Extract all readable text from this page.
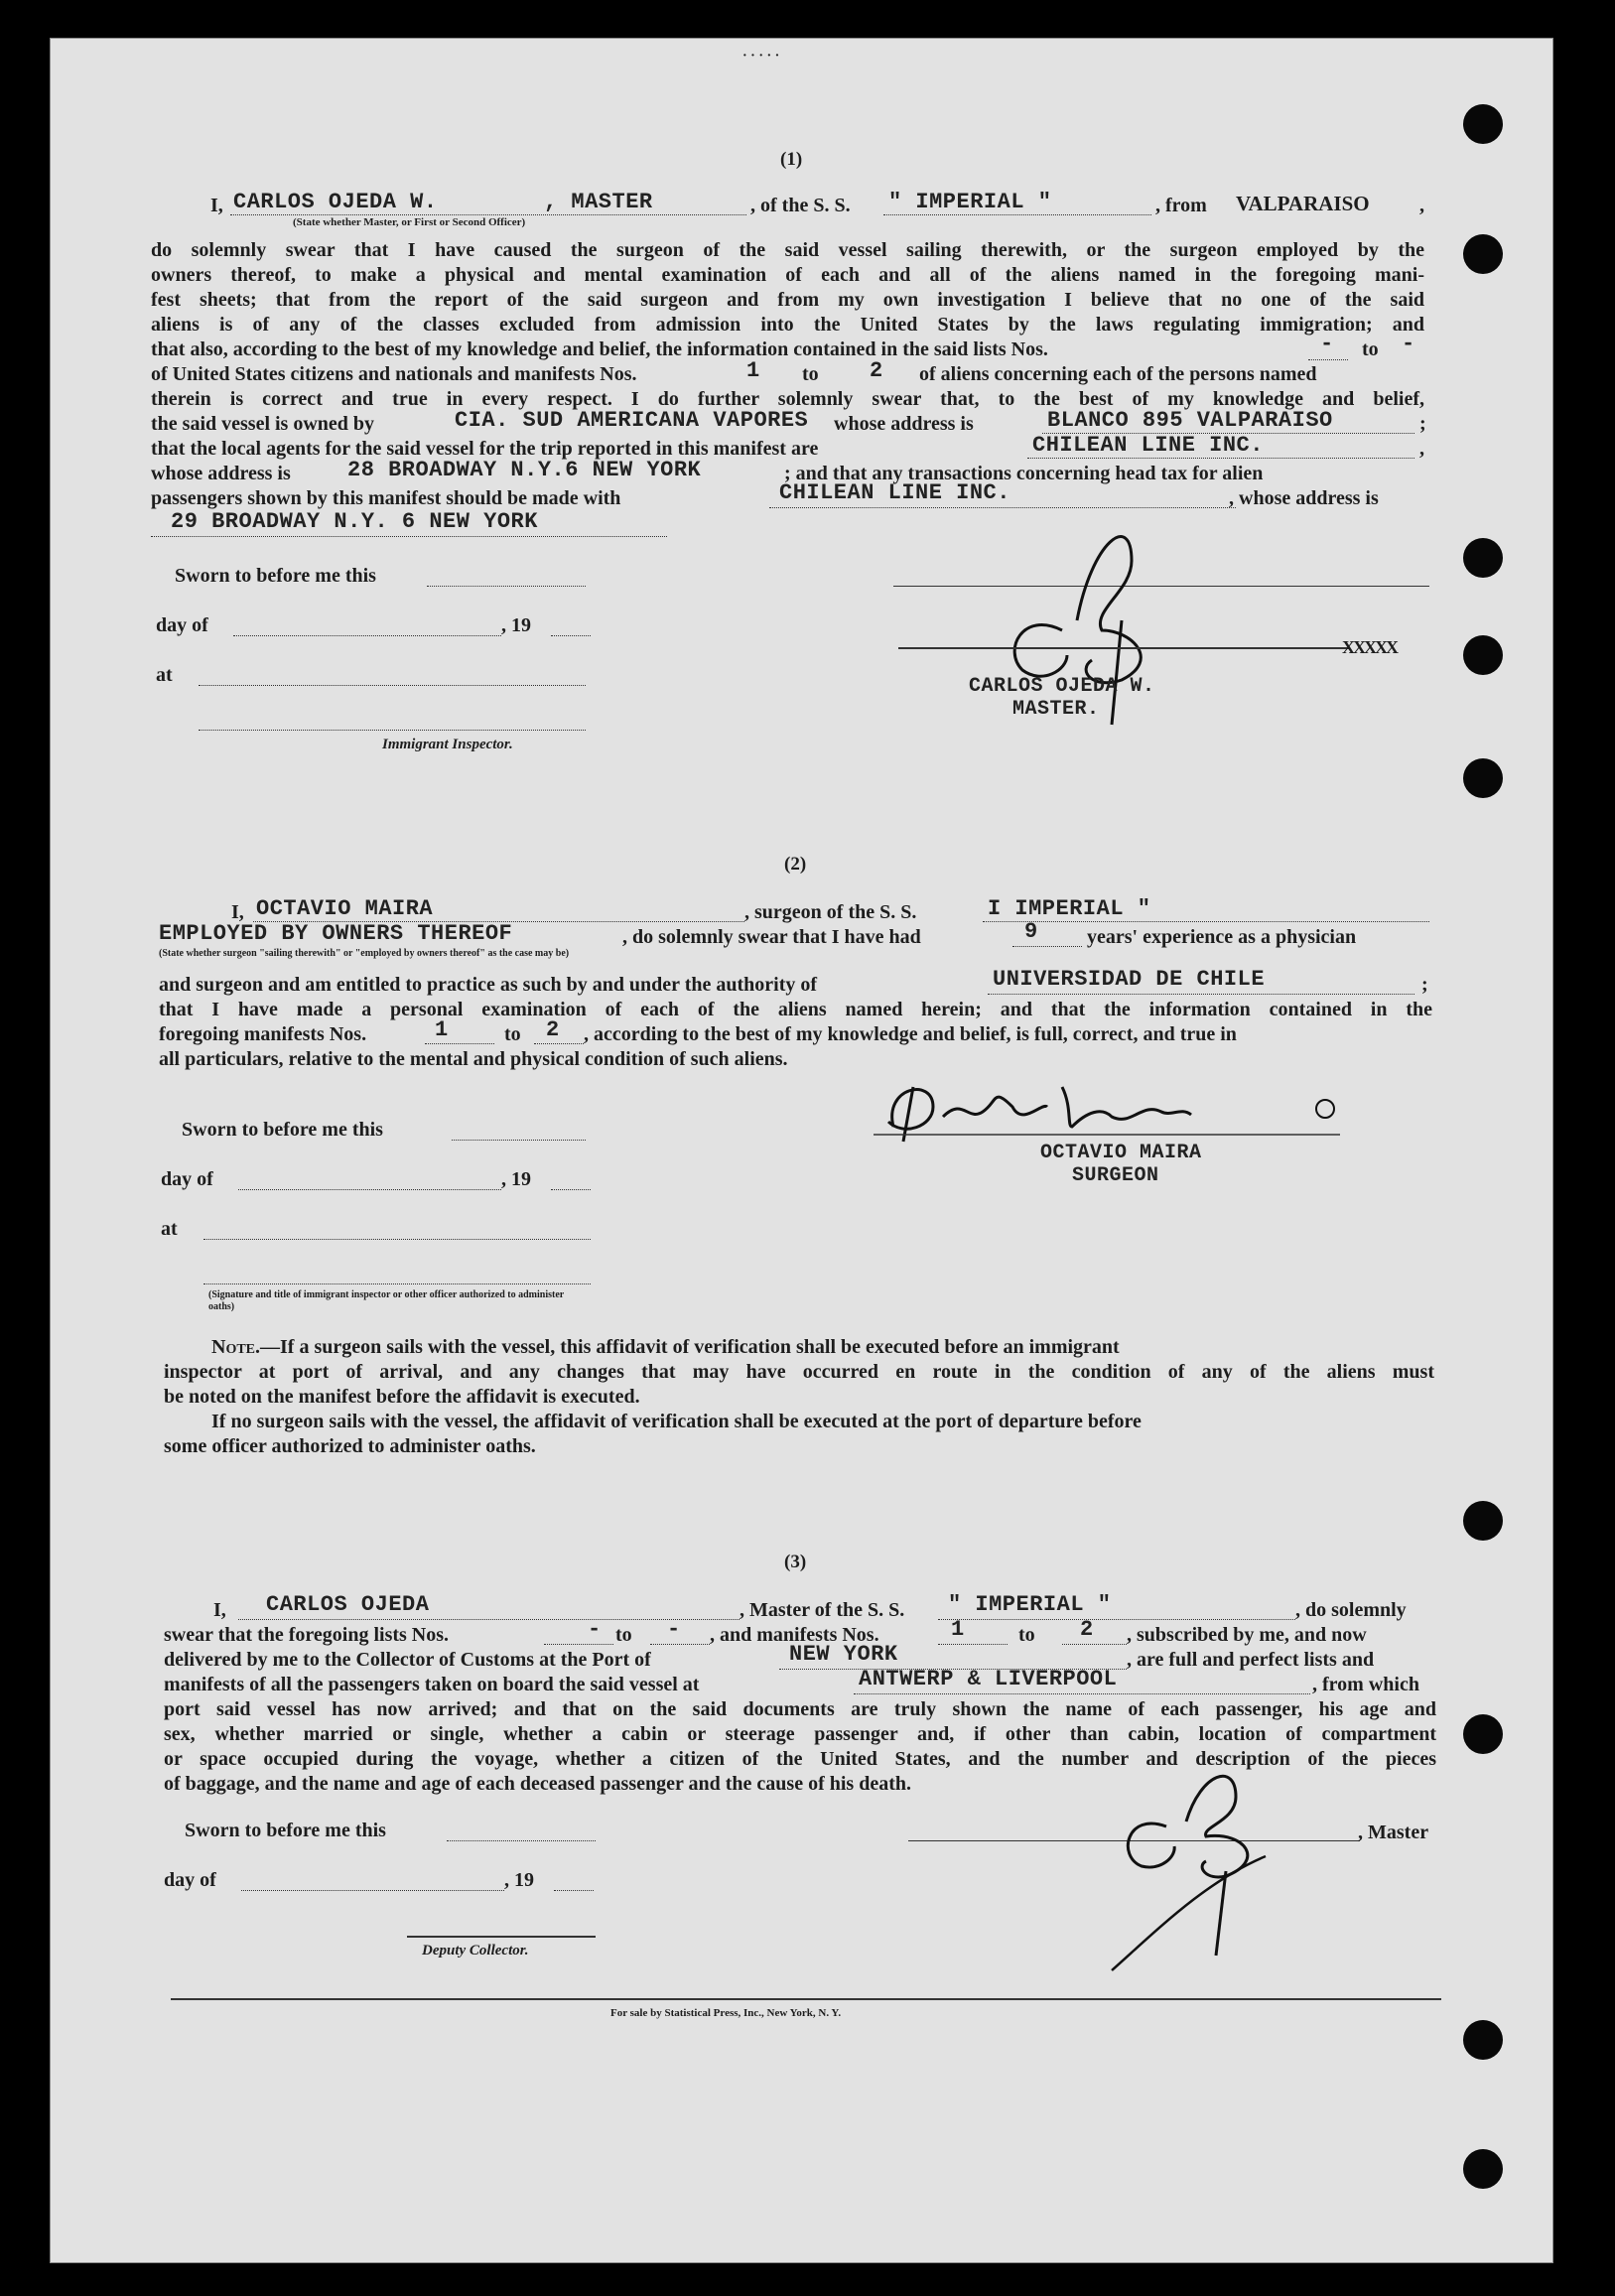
· · · · ·
(1)
I, CARLOS OJEDA W.	, MASTER	, of the S. S. " IMPERIAL "	, from VALPARAISO	,
(State whether Master, or First or Second Officer)
do solemnly swear that I have caused the surgeon of the said vessel sailing therewith, or the surgeon employed by the
owners thereof, to make a physical and mental examination of each and all of the aliens named in the foregoing mani-
fest sheets; that from the report of the said surgeon and from my own investigation I believe that no one of the said
aliens is of any of the classes excluded from admission into the United States by the laws regulating immigration; and
that also, according to the best of my knowledge and belief, the information contained in the said lists Nos.	- to -
of United States citizens and nationals and manifests Nos.	1 to 2 of aliens concerning each of the persons named
therein is correct and true in every respect. I do further solemnly swear that, to the best of my knowledge and belief,
the said vessel is owned by	CIA. SUD AMERICANA VAPORES whose address is	BLANCO 895 VALPARAISO	;
that the local agents for the said vessel for the trip reported in this manifest are	CHILEAN LINE INC.	,
whose address is	28 BROADWAY N.Y.6 NEW YORK	; and that any transactions concerning head tax for alien
passengers shown by this manifest should be made with	CHILEAN LINE INC.	, whose address is
29 BROADWAY N.Y. 6 NEW YORK
Sworn to before me this
day of	, 19
at
Immigrant Inspector.
XXXXX
CARLOS OJEDA W.
MASTER.
(2)
I, OCTAVIO MAIRA	, surgeon of the S. S.	I IMPERIAL "
EMPLOYED BY OWNERS THEREOF	, do solemnly swear that I have had	9 years' experience as a physician
(State whether surgeon "sailing therewith" or "employed by owners thereof" as the case may be)
and surgeon and am entitled to practice as such by and under the authority of	UNIVERSIDAD DE CHILE	;
that I have made a personal examination of each of the aliens named herein; and that the information contained in the
foregoing manifests Nos.	1	to 2 , according to the best of my knowledge and belief, is full, correct, and true in
all particulars, relative to the mental and physical condition of such aliens.
Sworn to before me this
day of	, 19
at
(Signature and title of immigrant inspector or other officer authorized to administer oaths)
OCTAVIO MAIRA
SURGEON
Note.—If a surgeon sails with the vessel, this affidavit of verification shall be executed before an immigrant
inspector at port of arrival, and any changes that may have occurred en route in the condition of any of the aliens must
be noted on the manifest before the affidavit is executed.
If no surgeon sails with the vessel, the affidavit of verification shall be executed at the port of departure before
some officer authorized to administer oaths.
(3)
I, CARLOS OJEDA	, Master of the S. S. " IMPERIAL "	, do solemnly
swear that the foregoing lists Nos.	- to - , and manifests Nos.	1	to 2 , subscribed by me, and now
delivered by me to the Collector of Customs at the Port of	NEW YORK	, are full and perfect lists and
manifests of all the passengers taken on board the said vessel at	ANTWERP & LIVERPOOL	, from which
port said vessel has now arrived; and that on the said documents are truly shown the name of each passenger, his age and
sex, whether married or single, whether a cabin or steerage passenger and, if other than cabin, location of compartment
or space occupied during the voyage, whether a citizen of the United States, and the number and description of the pieces
of baggage, and the name and age of each deceased passenger and the cause of his death.
Sworn to before me this	, Master
day of	, 19
Deputy Collector.
For sale by Statistical Press, Inc., New York, N. Y.
